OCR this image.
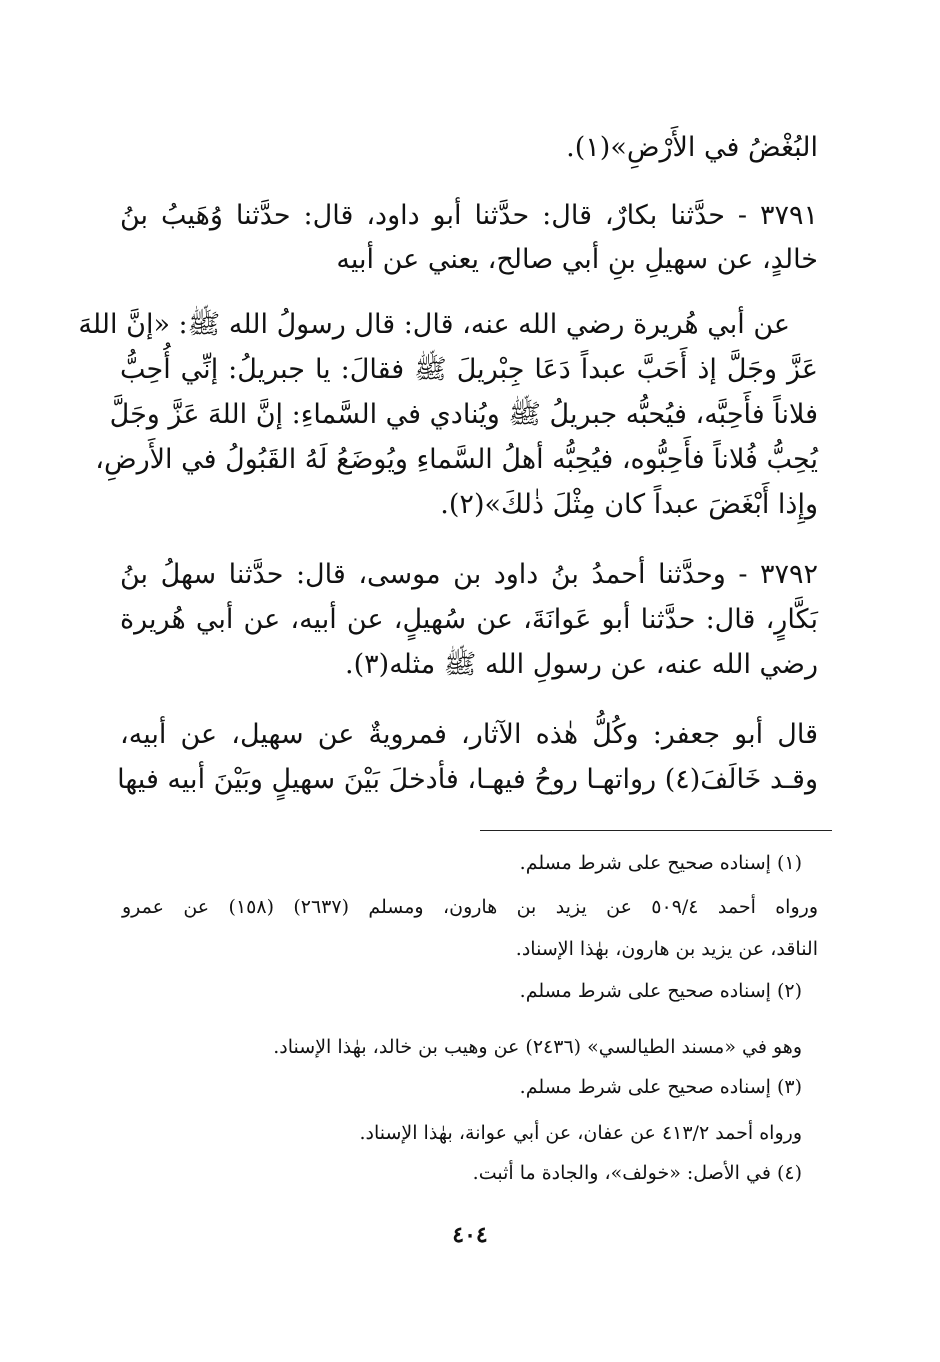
البُغْضُ في الأَرْضِ»(١).
٣٧٩١ - حدَّثنا بكارٌ، قال: حدَّثنا أبو داود، قال: حدَّثنا وُهَيبُ بنُ
خالدٍ، عن سهيلِ بنِ أبي صالح، يعني عن أبيه
عن أبي هُريرة رضي الله عنه، قال: قال رسولُ الله ﷺ: «إنَّ اللهَ
عَزَّ وجَلَّ إذ أَحَبَّ عبداً دَعَا جِبْريلَ ﷺ فقالَ: يا جبريلُ: إنِّي أُحِبُّ
فلاناً فأَحِبَّه، فيُحبُّه جبريلُ ﷺ ويُنادي في السَّماءِ: إنَّ اللهَ عَزَّ وجَلَّ
يُحِبُّ فُلاناً فأَحِبُّوه، فيُحِبُّه أهلُ السَّماءِ ويُوضَعُ لَهُ القَبُولُ في الأَرضِ،
وإِذا أَبْغَضَ عبداً كان مِثْلَ ذٰلكَ»(٢).
٣٧٩٢ - وحدَّثنا أحمدُ بنُ داود بن موسى، قال: حدَّثنا سهلُ بنُ
بَكَّارٍ، قال: حدَّثنا أبو عَوانَةَ، عن سُهيلٍ، عن أبيه، عن أبي هُريرة
رضي الله عنه، عن رسولِ الله ﷺ مثله(٣).
قال أبو جعفر: وكُلُّ هٰذه الآثار، فمرويةٌ عن سهيل، عن أبيه،
وقـد خَالَفَ(٤) رواتهـا روحُ فيهـا، فأدخلَ بَيْنَ سهيلٍ وبَيْنَ أبيه فيها
(١) إسناده صحيح على شرط مسلم.
ورواه أحمد ٥٠٩/٤ عن يزيد بن هارون، ومسلم (٢٦٣٧) (١٥٨) عن عمرو
الناقد، عن يزيد بن هارون، بهٰذا الإسناد.
(٢) إسناده صحيح على شرط مسلم.
وهو في «مسند الطيالسي» (٢٤٣٦) عن وهيب بن خالد، بهٰذا الإسناد.
(٣) إسناده صحيح على شرط مسلم.
ورواه أحمد ٤١٣/٢ عن عفان، عن أبي عوانة، بهٰذا الإسناد.
(٤) في الأصل: «خولف»، والجادة ما أثبت.
٤٠٤
